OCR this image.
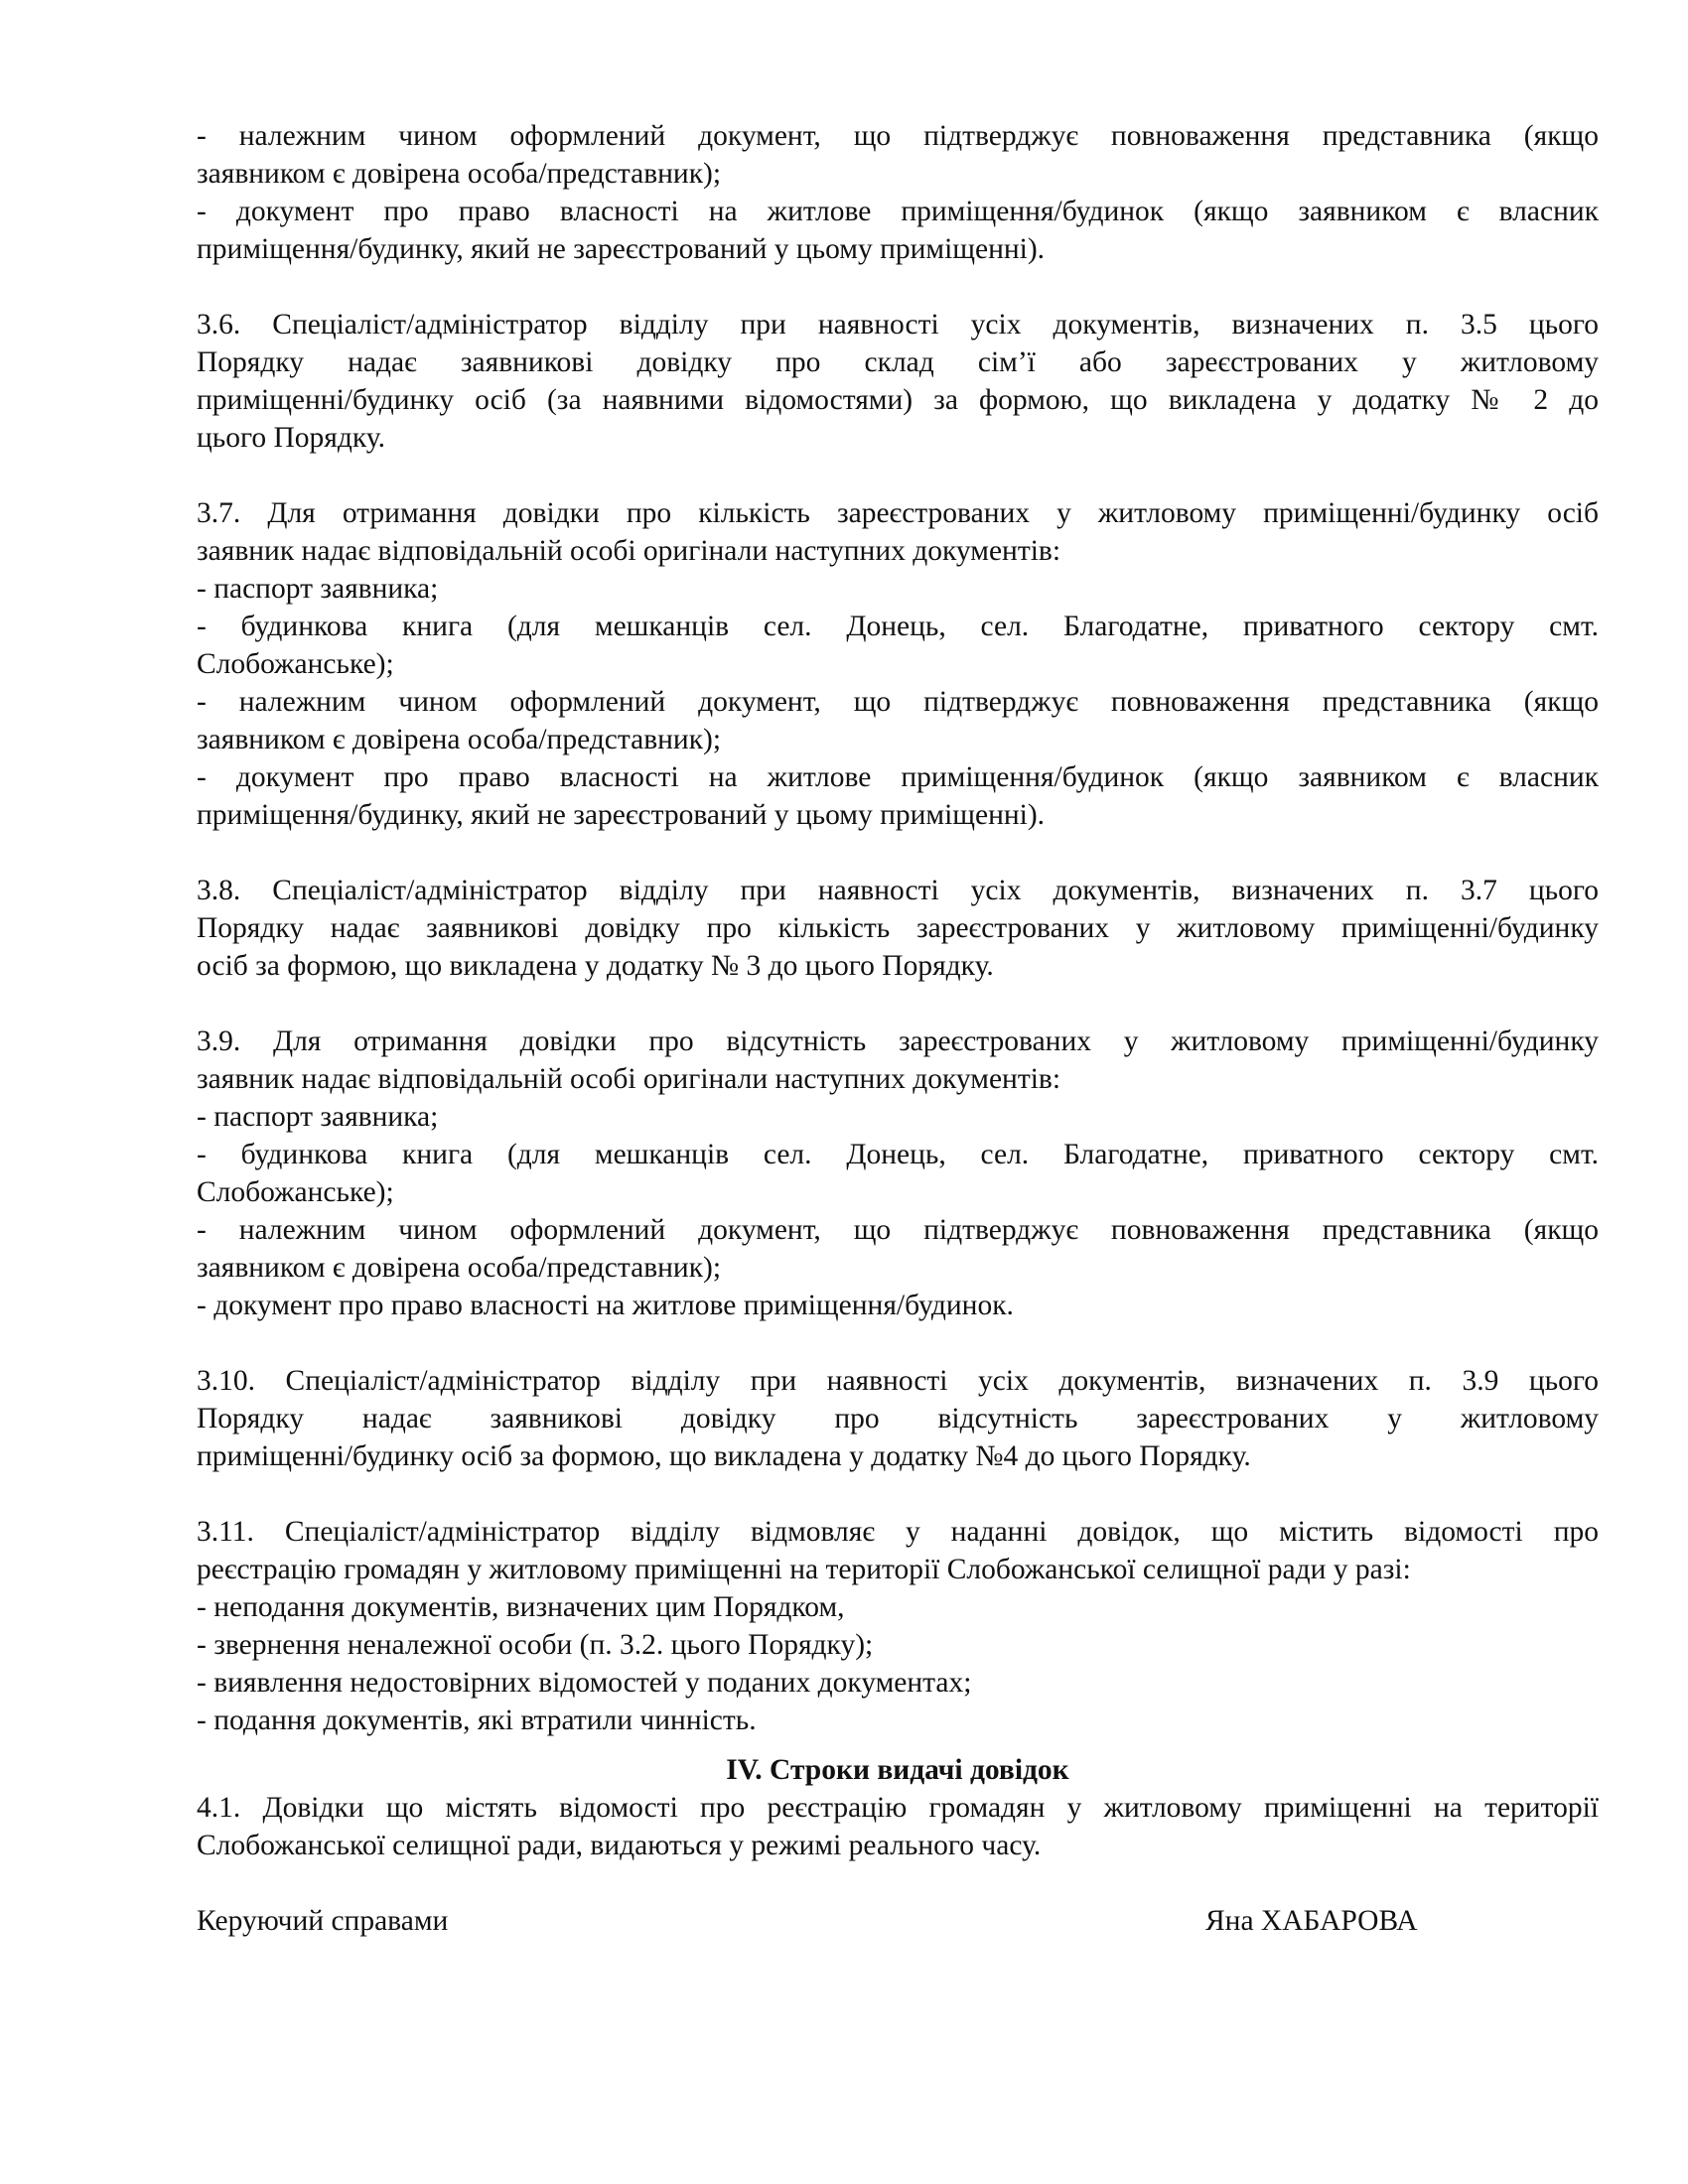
- належним чином оформлений документ, що підтверджує повноваження представника (якщо
заявником є довірена особа/представник);
- документ про право власності на житлове приміщення/будинок (якщо заявником є власник
приміщення/будинку, який не зареєстрований у цьому приміщенні).
3.6. Спеціаліст/адміністратор відділу при наявності усіх документів, визначених п. 3.5 цього
Порядку надає заявникові довідку про склад сім’ї або зареєстрованих у житловому
приміщенні/будинку осіб (за наявними відомостями) за формою, що викладена у додатку № 2 до
цього Порядку.
3.7. Для отримання довідки про кількість зареєстрованих у житловому приміщенні/будинку осіб
заявник надає відповідальній особі оригінали наступних документів:
- паспорт заявника;
- будинкова книга (для мешканців сел. Донець, сел. Благодатне, приватного сектору смт.
Слобожанське);
- належним чином оформлений документ, що підтверджує повноваження представника (якщо
заявником є довірена особа/представник);
- документ про право власності на житлове приміщення/будинок (якщо заявником є власник
приміщення/будинку, який не зареєстрований у цьому приміщенні).
3.8. Спеціаліст/адміністратор відділу при наявності усіх документів, визначених п. 3.7 цього
Порядку надає заявникові довідку про кількість зареєстрованих у житловому приміщенні/будинку
осіб за формою, що викладена у додатку № 3 до цього Порядку.
3.9. Для отримання довідки про відсутність зареєстрованих у житловому приміщенні/будинку
заявник надає відповідальній особі оригінали наступних документів:
- паспорт заявника;
- будинкова книга (для мешканців сел. Донець, сел. Благодатне, приватного сектору смт.
Слобожанське);
- належним чином оформлений документ, що підтверджує повноваження представника (якщо
заявником є довірена особа/представник);
- документ про право власності на житлове приміщення/будинок.
3.10. Спеціаліст/адміністратор відділу при наявності усіх документів, визначених п. 3.9 цього
Порядку надає заявникові довідку про відсутність зареєстрованих у житловому
приміщенні/будинку осіб за формою, що викладена у додатку №4 до цього Порядку.
3.11. Спеціаліст/адміністратор відділу відмовляє у наданні довідок, що містить відомості про
реєстрацію громадян у житловому приміщенні на території Слобожанської селищної ради у разі:
- неподання документів, визначених цим Порядком,
- звернення неналежної особи (п. 3.2. цього Порядку);
- виявлення недостовірних відомостей у поданих документах;
- подання документів, які втратили чинність.
IV. Строки видачі довідок
4.1. Довідки що містять відомості про реєстрацію громадян у житловому приміщенні на території
Слобожанської селищної ради, видаються у режимі реального часу.
Керуючий справами	Яна ХАБАРОВА
